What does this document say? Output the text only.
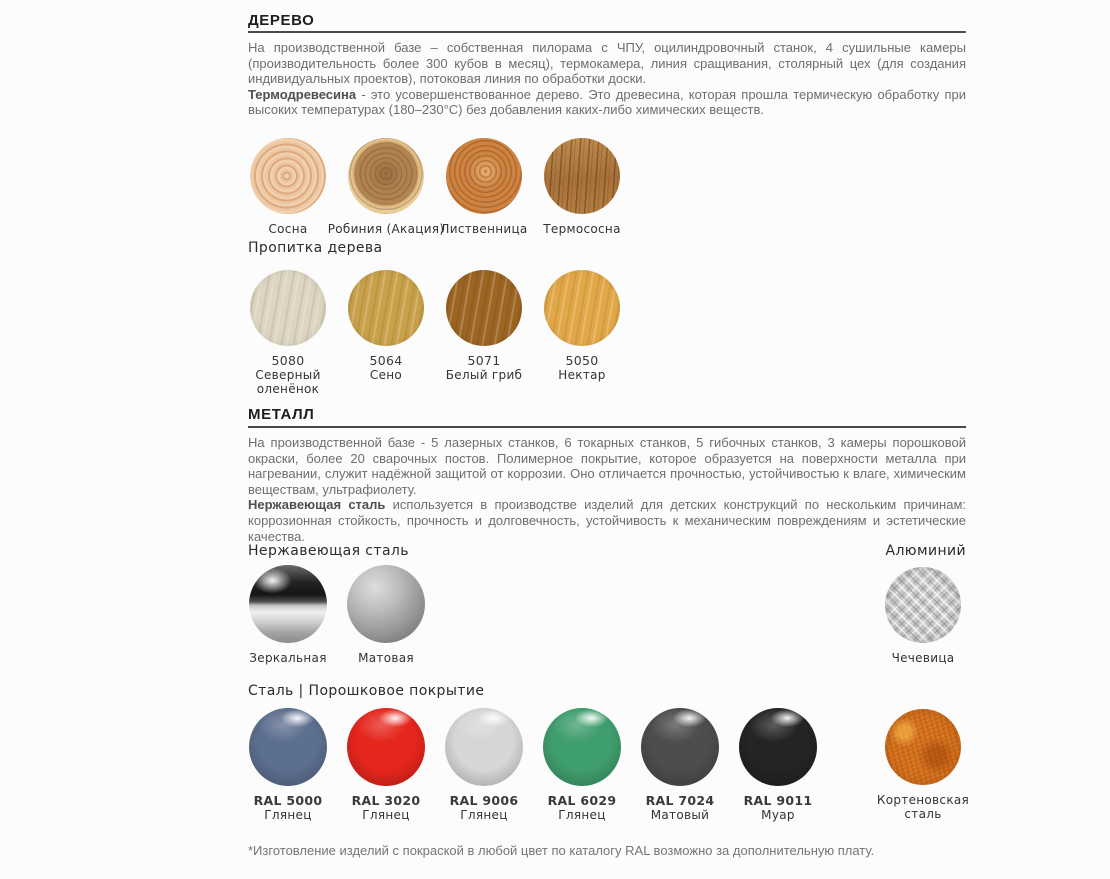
ДЕРЕВО
На производственной базе – собственная пилорама с ЧПУ, оцилиндровочный станок, 4 сушильные камеры (производительность более 300 кубов в месяц), термокамера, линия сращивания, столярный цех (для создания индивидуальных проектов), потоковая линия по обработки доски.
Термодревесина - это усовершенствованное дерево. Это древесина, которая прошла термическую обработку при высоких температурах (180–230°С) без добавления каких-либо химических веществ.
Сосна Робиния (Акация)
Лиственница Термососна
Пропитка дерева
5080
Северный оленёнок
5064
Сено
5071
Белый гриб
5050
Нектар
МЕТАЛЛ
На производственной базе - 5 лазерных станков, 6 токарных станков, 5 гибочных станков, 3 камеры порошковой окраски, более 20 сварочных постов. Полимерное покрытие, которое образуется на поверхности металла при нагревании, служит надёжной защитой от коррозии. Оно отличается прочностью, устойчивостью к влаге, химическим веществам, ультрафиолету.
Нержавеющая сталь используется в производстве изделий для детских конструкций по нескольким причинам: коррозионная стойкость, прочность и долговечность, устойчивость к механическим повреждениям и эстетические качества.
Нержавеющая сталь	Алюминий
Зеркальная	Матовая	Чечевица
Сталь | Порошковое покрытие
RAL 5000
Глянец
RAL 3020
Глянец
RAL 9006
Глянец
RAL 6029
Глянец
RAL 7024
Матовый
RAL 9011
Муар
Кортеновская сталь
*Изготовление изделий с покраской в любой цвет по каталогу RAL возможно за дополнительную плату.
